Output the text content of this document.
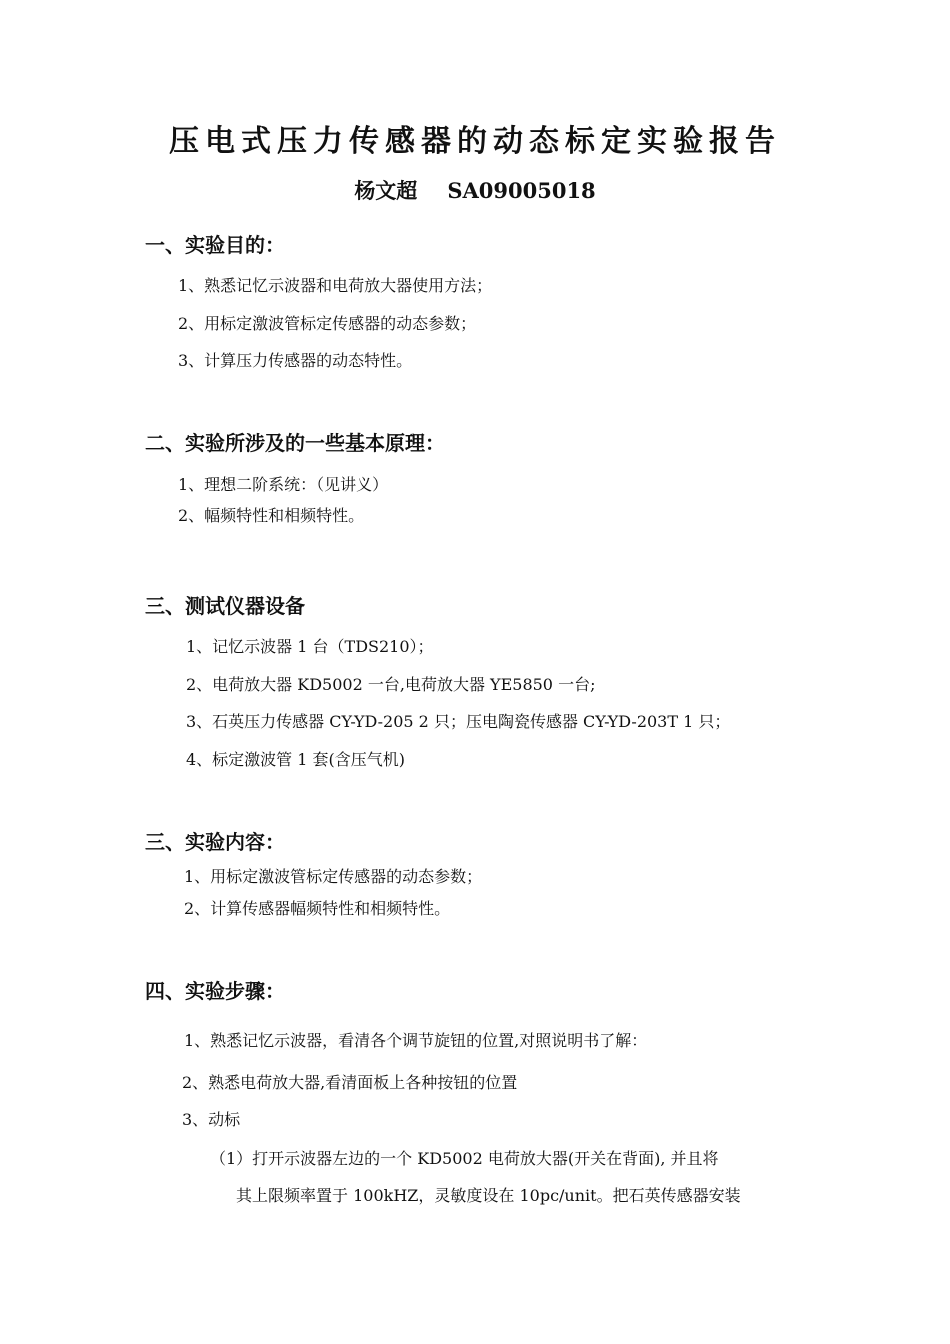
压电式压力传感器的动态标定实验报告
杨文超 SA09005018
一、实验目的：
1、熟悉记忆示波器和电荷放大器使用方法；
2、用标定激波管标定传感器的动态参数；
3、计算压力传感器的动态特性。
二、实验所涉及的一些基本原理：
1、理想二阶系统：（见讲义）
2、幅频特性和相频特性。
三、测试仪器设备
1、记忆示波器 1 台（TDS210）；
2、电荷放大器 KD5002 一台,电荷放大器 YE5850 一台;
3、石英压力传感器 CY-YD-205 2 只；压电陶瓷传感器 CY-YD-203T 1 只；
4、标定激波管 1 套(含压气机)
三、实验内容：
1、用标定激波管标定传感器的动态参数；
2、计算传感器幅频特性和相频特性。
四、实验步骤：
1、熟悉记忆示波器，看清各个调节旋钮的位置,对照说明书了解：
2、熟悉电荷放大器,看清面板上各种按钮的位置
3、动标
（1）打开示波器左边的一个 KD5002 电荷放大器(开关在背面), 并且将
其上限频率置于 100kHZ，灵敏度设在 10pc/unit。把石英传感器安装
